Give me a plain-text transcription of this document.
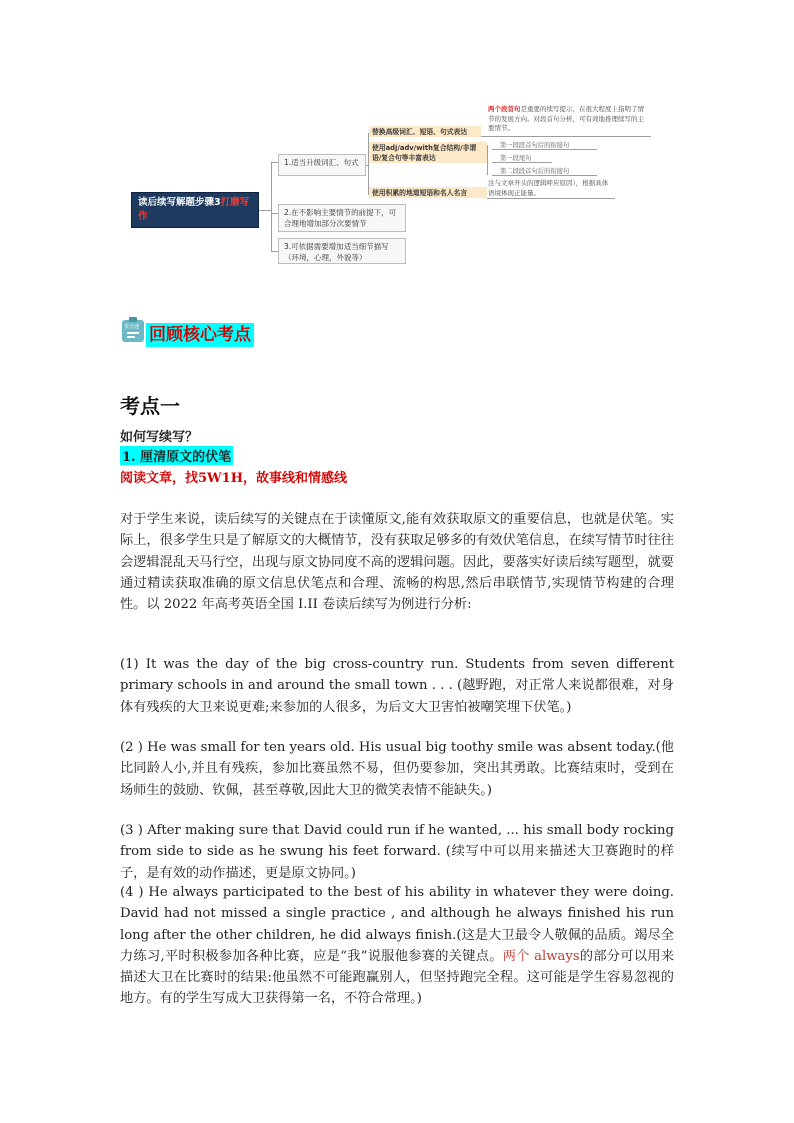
读后续写解题步骤3打磨写作
1.适当升级词汇、句式
2.在不影响主要情节的前提下，可合理地增加部分次要情节
3.可依据需要增加适当细节描写（环境，心理，外貌等）
替换高级词汇、短语、句式表达
使用adj/adv/with复合结构/非谓语/复合句等丰富表达
使用积累的地道短语和名人名言
两个段首句是重要的续写提示，在很大程度上指明了情节的发展方向。对段首句分析，可有效地推理续写的主要情节。
第一段段首句后的衔接句
第一段尾句
第二段段首句后的衔接句
注与文章开头的逻辑呼应原因），根据具体语境体现正能量。
要点速 回顾核心考点
考点一
如何写续写？
1. 厘清原文的伏笔
阅读文章，找5W1H，故事线和情感线
对于学生来说，读后续写的关键点在于读懂原文,能有效获取原文的重要信息，也就是伏笔。实际上，很多学生只是了解原文的大概情节，没有获取足够多的有效伏笔信息，在续写情节时往往会逻辑混乱天马行空，出现与原文协同度不高的逻辑问题。因此，要落实好读后续写题型，就要通过精读获取准确的原文信息伏笔点和合理、流畅的构思,然后串联情节,实现情节构建的合理性。以 2022 年高考英语全国 I.II 卷读后续写为例进行分析:
(1) It was the day of the big cross-country run. Students from seven different primary schools in and around the small town . . . (越野跑，对正常人来说都很难，对身体有残疾的大卫来说更难;来参加的人很多，为后文大卫害怕被嘲笑埋下伏笔。)
(2 ) He was small for ten years old. His usual big toothy smile was absent today.(他比同龄人小,并且有残疾，参加比赛虽然不易，但仍要参加，突出其勇敢。比赛结束时，受到在场师生的鼓励、钦佩，甚至尊敬,因此大卫的微笑表情不能缺失。)
(3 ) After making sure that David could run if he wanted, ... his small body rocking from side to side as he swung his feet forward. (续写中可以用来描述大卫赛跑时的样子，是有效的动作描述，更是原文协同。)
(4 ) He always participated to the best of his ability in whatever they were doing. David had not missed a single practice , and although he always finished his run long after the other children, he did always finish.(这是大卫最令人敬佩的品质。竭尽全力练习,平时积极参加各种比赛，应是“我”说服他参赛的关键点。两个 always的部分可以用来描述大卫在比赛时的结果:他虽然不可能跑赢别人，但坚持跑完全程。这可能是学生容易忽视的地方。有的学生写成大卫获得第一名，不符合常理。)
